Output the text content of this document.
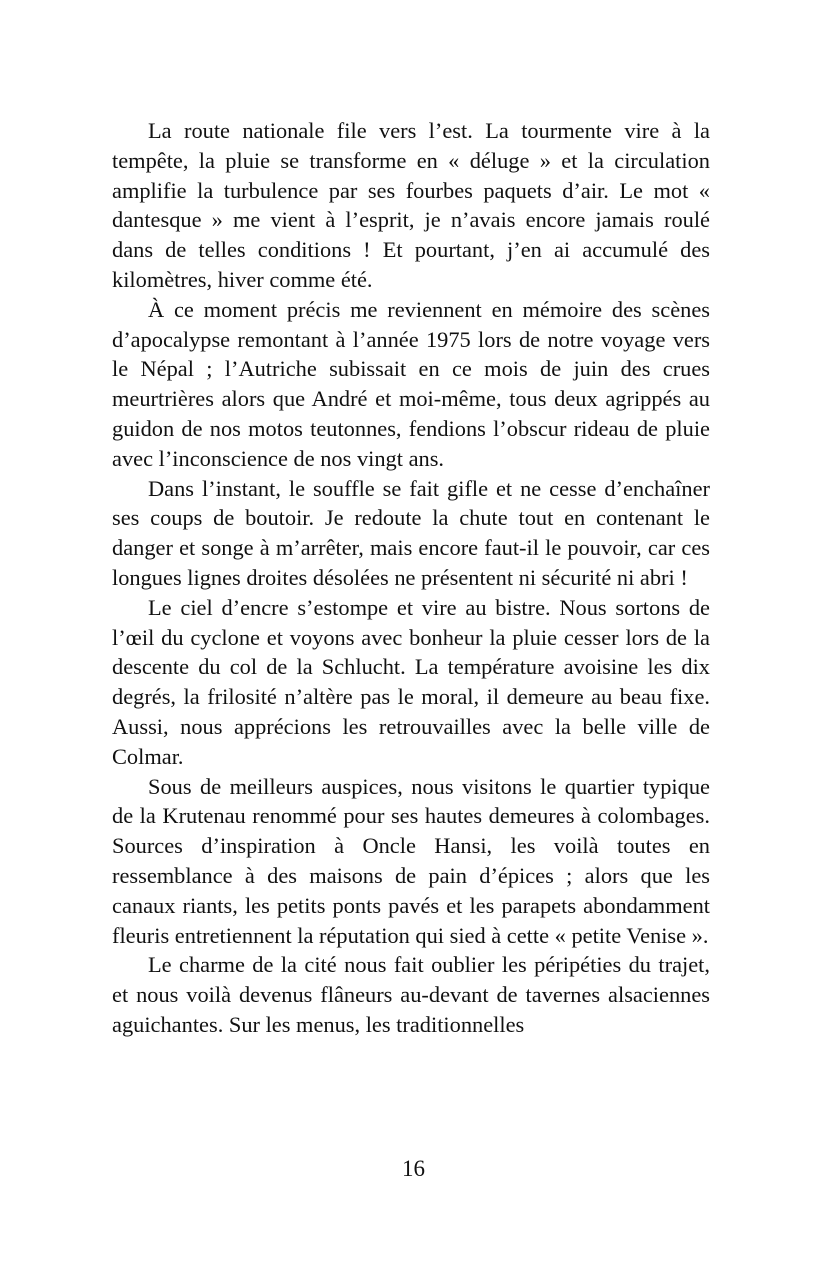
La route nationale file vers l’est. La tourmente vire à la tempête, la pluie se transforme en « déluge » et la circulation amplifie la turbulence par ses fourbes paquets d’air. Le mot « dantesque » me vient à l’esprit, je n’avais encore jamais roulé dans de telles conditions ! Et pourtant, j’en ai accumulé des kilomètres, hiver comme été.

À ce moment précis me reviennent en mémoire des scènes d’apocalypse remontant à l’année 1975 lors de notre voyage vers le Népal ; l’Autriche subissait en ce mois de juin des crues meurtrières alors que André et moi-même, tous deux agrippés au guidon de nos motos teutonnes, fendions l’obscur rideau de pluie avec l’inconscience de nos vingt ans.

Dans l’instant, le souffle se fait gifle et ne cesse d’enchaîner ses coups de boutoir. Je redoute la chute tout en contenant le danger et songe à m’arrêter, mais encore faut-il le pouvoir, car ces longues lignes droites désolées ne présentent ni sécurité ni abri !

Le ciel d’encre s’estompe et vire au bistre. Nous sortons de l’œil du cyclone et voyons avec bonheur la pluie cesser lors de la descente du col de la Schlucht. La température avoisine les dix degrés, la frilosité n’altère pas le moral, il demeure au beau fixe. Aussi, nous apprécions les retrouvailles avec la belle ville de Colmar.

Sous de meilleurs auspices, nous visitons le quartier typique de la Krutenau renommé pour ses hautes demeures à colombages. Sources d’inspiration à Oncle Hansi, les voilà toutes en ressemblance à des maisons de pain d’épices ; alors que les canaux riants, les petits ponts pavés et les parapets abondamment fleuris entretiennent la réputation qui sied à cette « petite Venise ».

Le charme de la cité nous fait oublier les péripéties du trajet, et nous voilà devenus flâneurs au-devant de tavernes alsaciennes aguichantes. Sur les menus, les traditionnelles

16
